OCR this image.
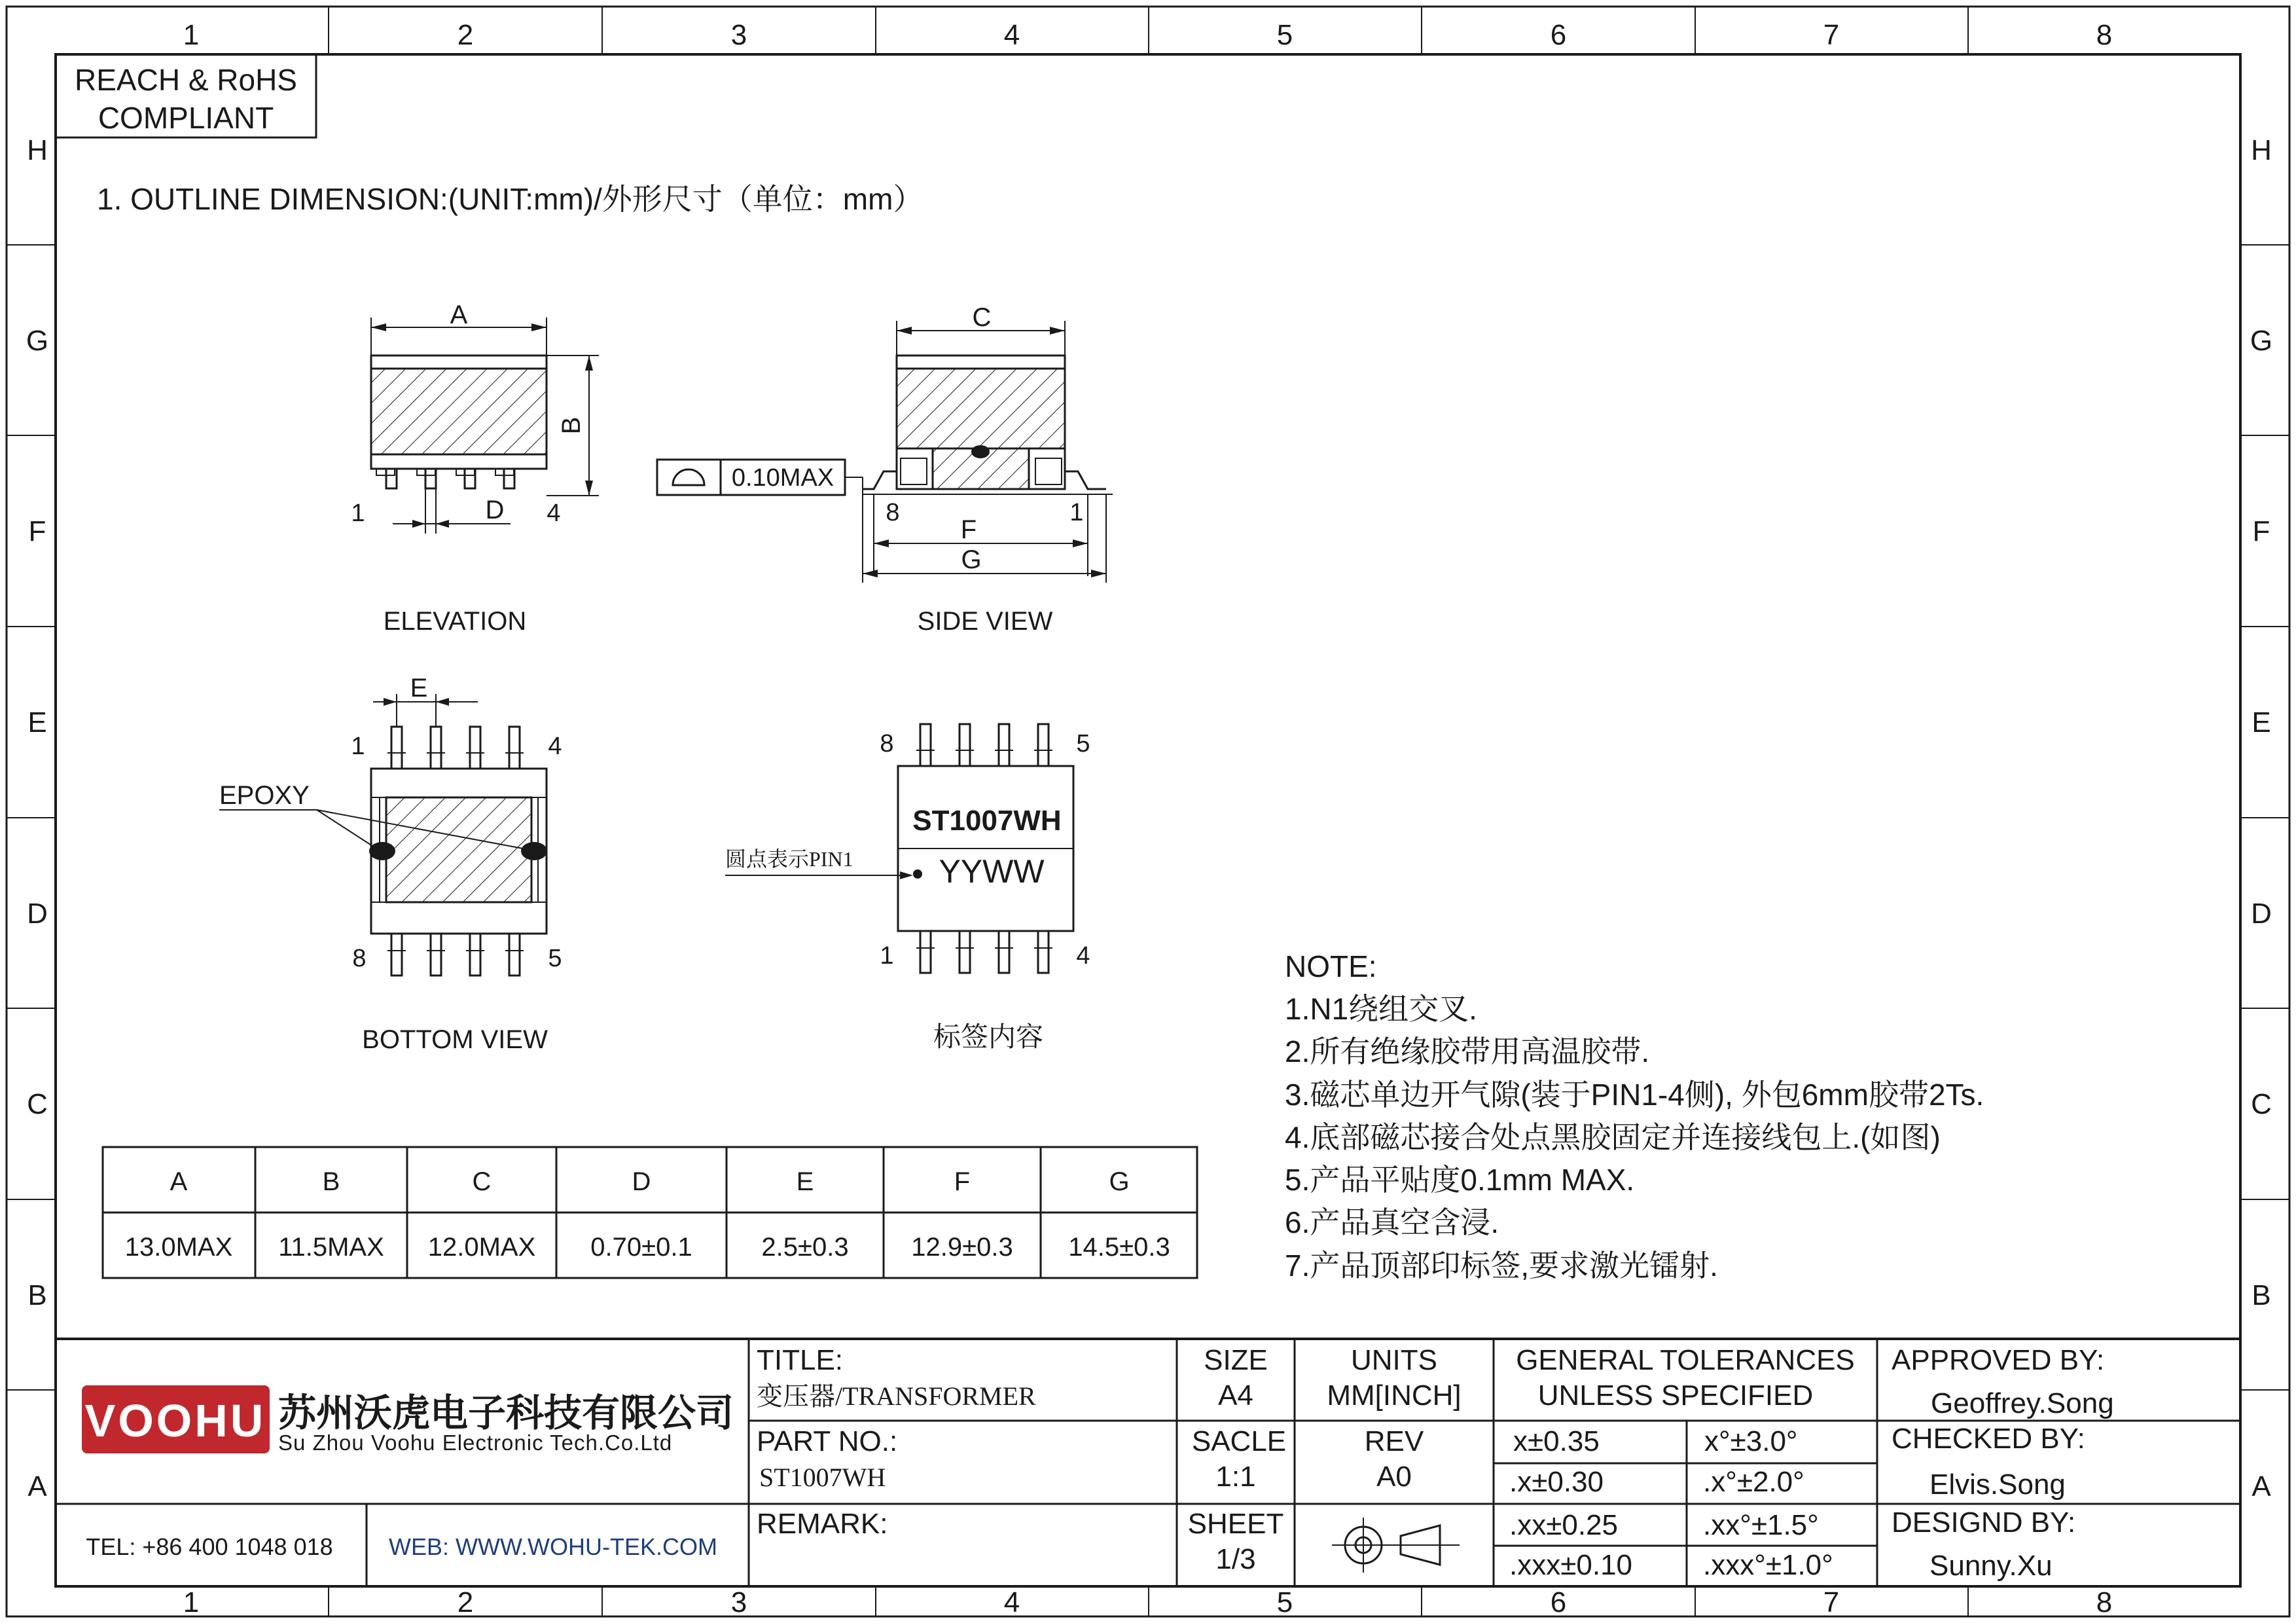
1	2	3	4	5	6	7	8
1	2	3	4	5	6	7	8
H
G
F
E
D
C
B
A
H
G
F
E
D
C
B
A
REACH & RoHS
COMPLIANT
1. OUTLINE DIMENSION:(UNIT:mm)/外形尺寸（单位：mm）
A
B
D
1	4
ELEVATION
C
F
G
8	1
0.10MAX
SIDE VIEW
E
EPOXY
1	4
8	5
BOTTOM VIEW
ST1007WH
YYWW
圆点表示PIN1
8	5
1	4
标签内容
A	B	C	D	E	F	G
13.0MAX 11.5MAX 12.0MAX 0.70±0.1	2.5±0.3 12.9±0.3 14.5±0.3
NOTE:
1.N1绕组交叉.
2.所有绝缘胶带用高温胶带.
3.磁芯单边开气隙(装于PIN1-4侧), 外包6mm胶带2Ts.
4.底部磁芯接合处点黑胶固定并连接线包上.(如图)
5.产品平贴度0.1mm MAX.
6.产品真空含浸.
7.产品顶部印标签,要求激光镭射.
VOOHU 苏州沃虎电子科技有限公司
Su Zhou Voohu Electronic Tech.Co.Ltd
TEL: +86 400 1048 018 WEB: WWW.WOHU-TEK.COM
TITLE:
变压器/TRANSFORMER
PART NO.:
ST1007WH
REMARK:
SIZE
A4
SACLE
1:1
SHEET
1/3
UNITS
MM[INCH]
REV
A0
GENERAL TOLERANCES
UNLESS SPECIFIED
x±0.35	x°±3.0°
.x±0.30	.x°±2.0°
.xx±0.25	.xx°±1.5°
.xxx±0.10 .xxx°±1.0°
APPROVED BY:
Geoffrey.Song
CHECKED BY:
Elvis.Song
DESIGND BY:
Sunny.Xu
